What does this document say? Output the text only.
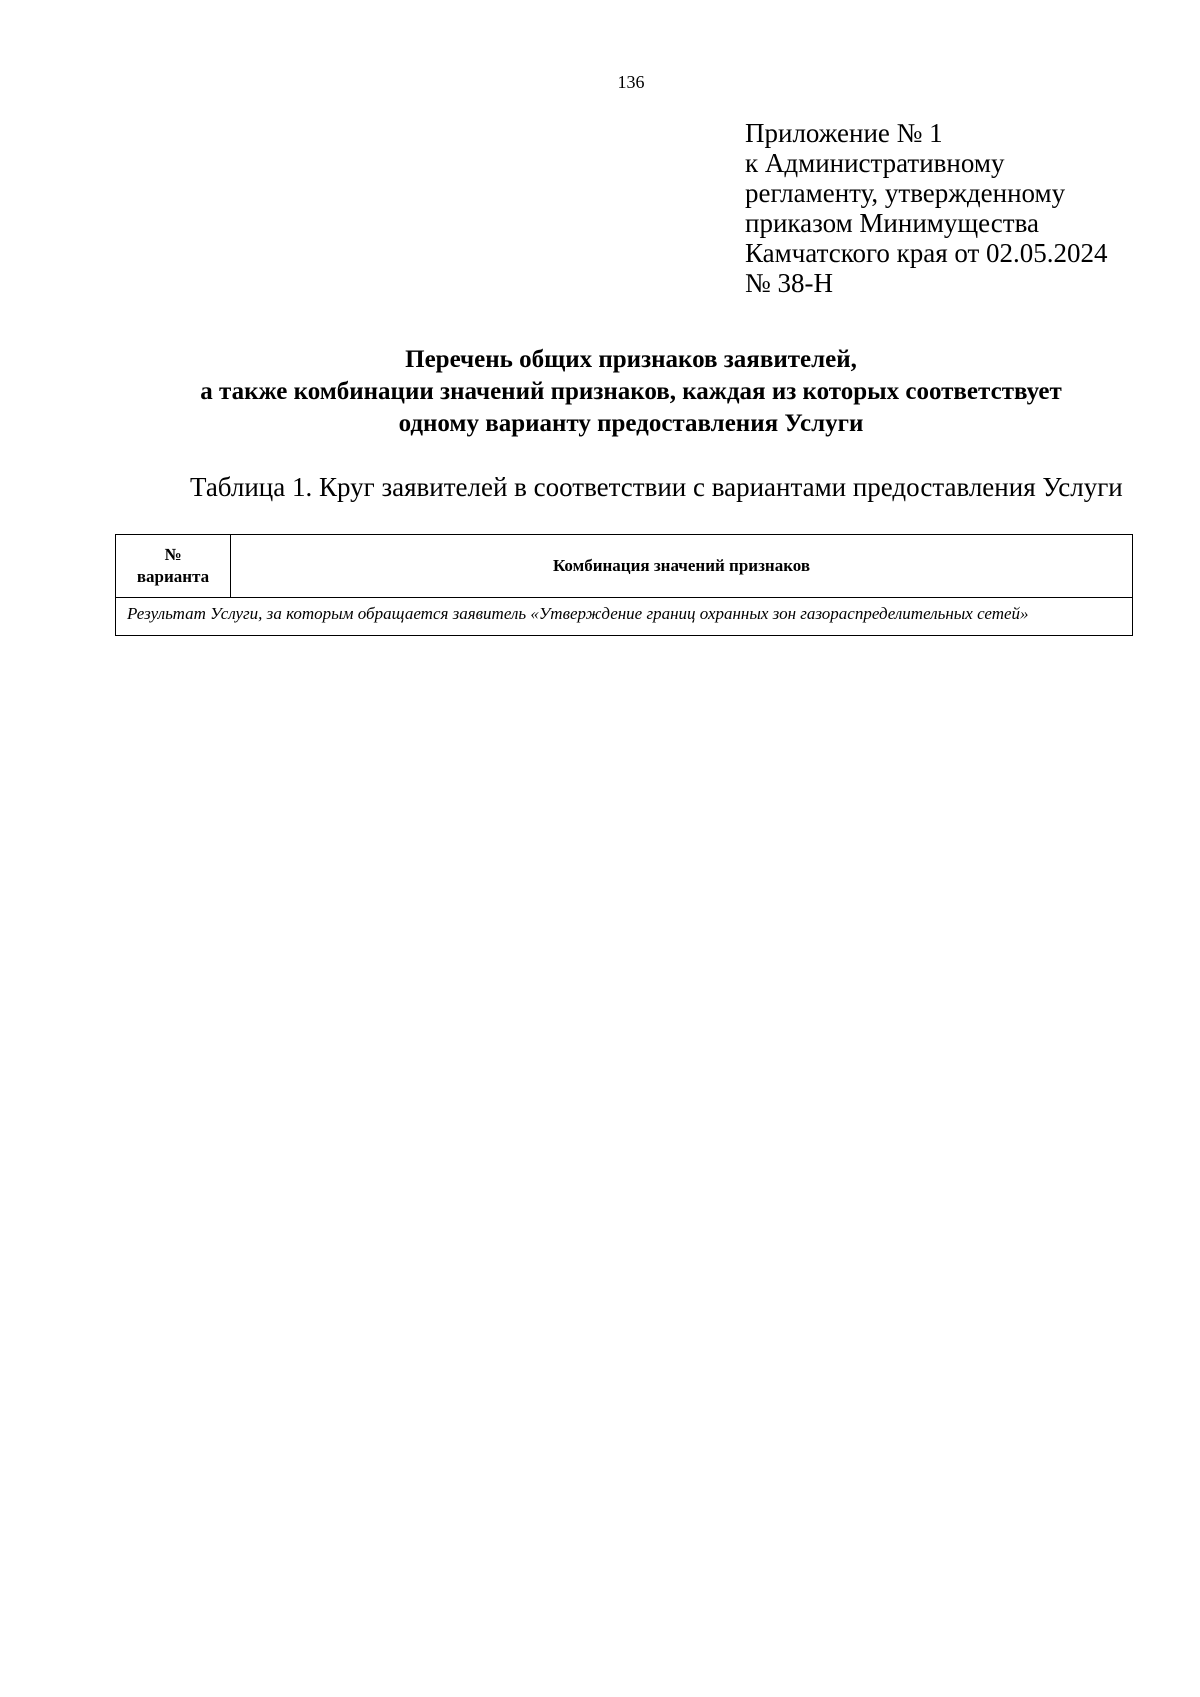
136
Приложение № 1
к Административному
регламенту, утвержденному
приказом Минимущества
Камчатского края от 02.05.2024
№ 38-Н
Перечень общих признаков заявителей,
а также комбинации значений признаков, каждая из которых соответствует
одному варианту предоставления Услуги
Таблица 1. Круг заявителей в соответствии с вариантами предоставления Услуги
№
варианта
	Комбинация значений признаков
Результат Услуги, за которым обращается заявитель «Утверждение границ охранных зон газораспределительных сетей»
